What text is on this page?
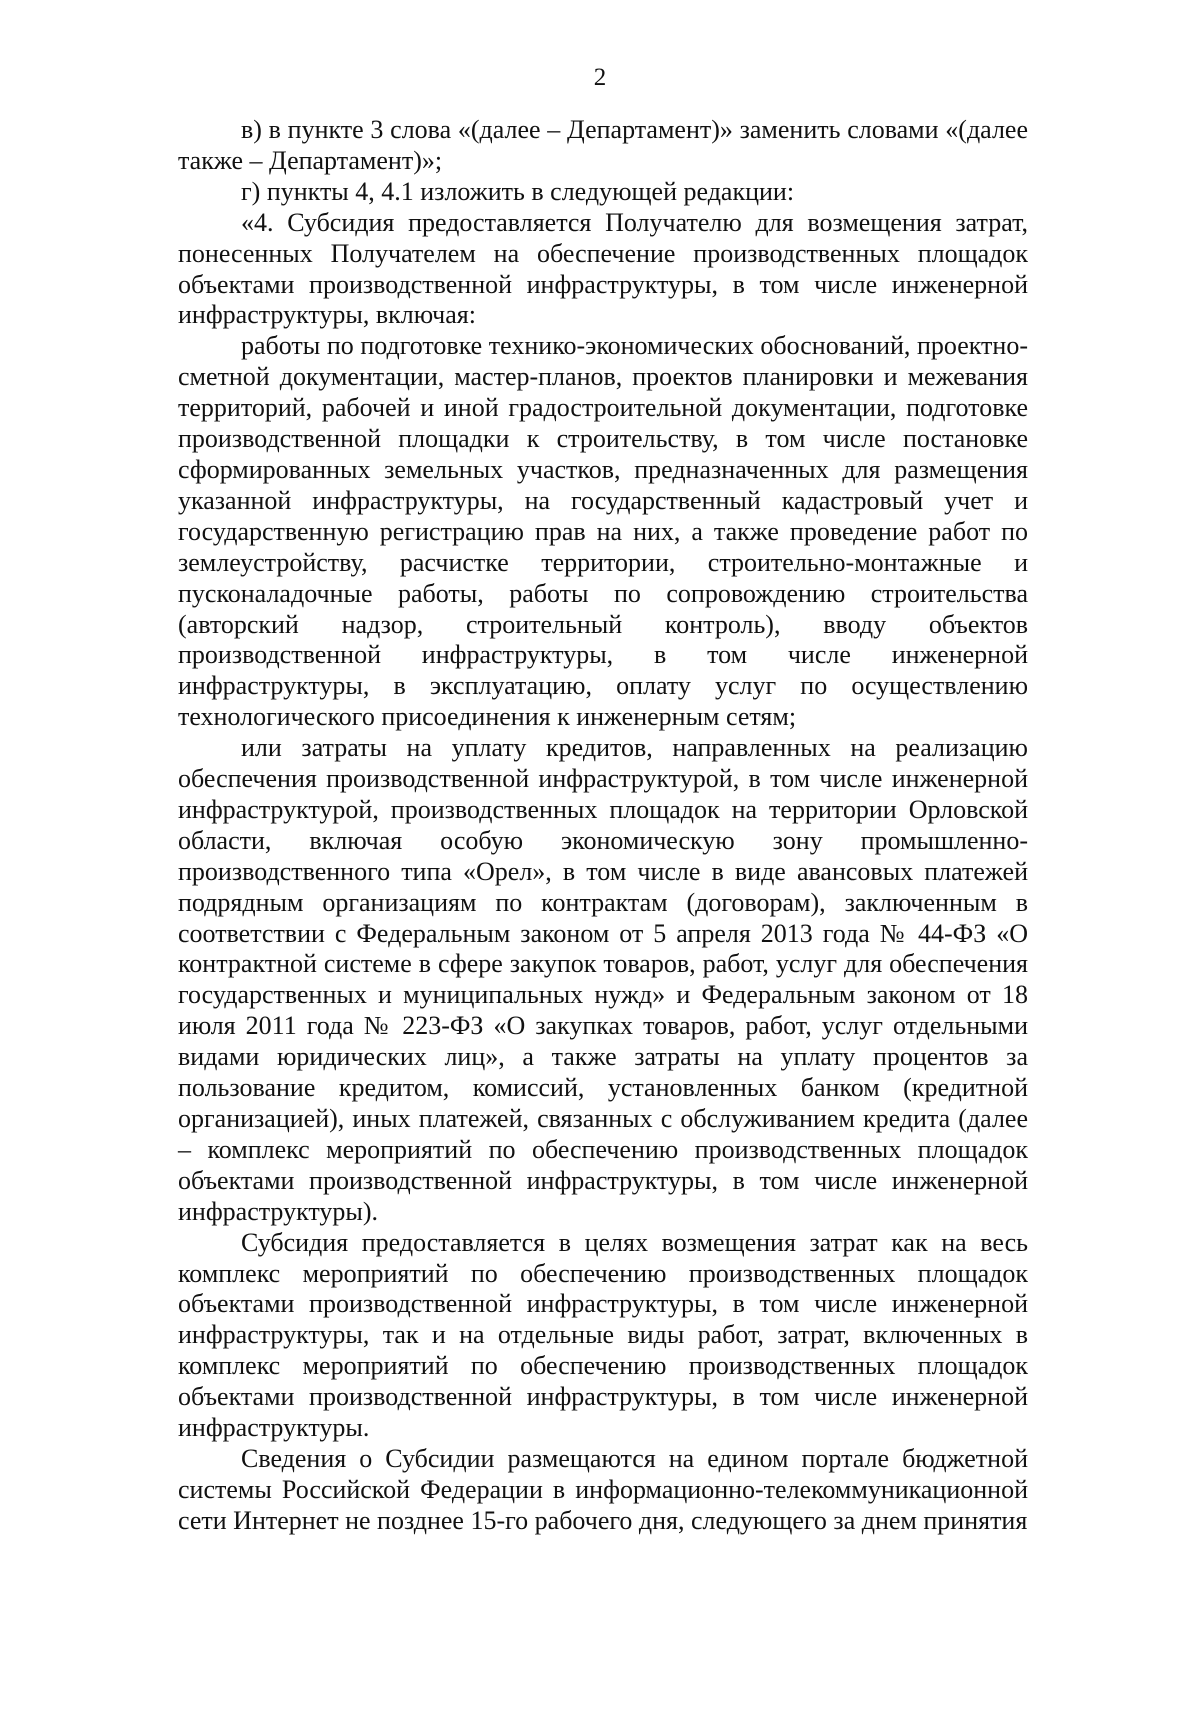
2

в) в пункте 3 слова «(далее – Департамент)» заменить словами «(далее также – Департамент)»;

г) пункты 4, 4.1 изложить в следующей редакции:

«4. Субсидия предоставляется Получателю для возмещения затрат, понесенных Получателем на обеспечение производственных площадок объектами производственной инфраструктуры, в том числе инженерной инфраструктуры, включая:

работы по подготовке технико-экономических обоснований, проектно-сметной документации, мастер-планов, проектов планировки и межевания территорий, рабочей и иной градостроительной документации, подготовке производственной площадки к строительству, в том числе постановке сформированных земельных участков, предназначенных для размещения указанной инфраструктуры, на государственный кадастровый учет и государственную регистрацию прав на них, а также проведение работ по землеустройству, расчистке территории, строительно-монтажные и пусконаладочные работы, работы по сопровождению строительства (авторский надзор, строительный контроль), вводу объектов производственной инфраструктуры, в том числе инженерной инфраструктуры, в эксплуатацию, оплату услуг по осуществлению технологического присоединения к инженерным сетям;

или затраты на уплату кредитов, направленных на реализацию обеспечения производственной инфраструктурой, в том числе инженерной инфраструктурой, производственных площадок на территории Орловской области, включая особую экономическую зону промышленно-производственного типа «Орел», в том числе в виде авансовых платежей подрядным организациям по контрактам (договорам), заключенным в соответствии с Федеральным законом от 5 апреля 2013 года № 44-ФЗ «О контрактной системе в сфере закупок товаров, работ, услуг для обеспечения государственных и муниципальных нужд» и Федеральным законом от 18 июля 2011 года № 223-ФЗ «О закупках товаров, работ, услуг отдельными видами юридических лиц», а также затраты на уплату процентов за пользование кредитом, комиссий, установленных банком (кредитной организацией), иных платежей, связанных с обслуживанием кредита (далее – комплекс мероприятий по обеспечению производственных площадок объектами производственной инфраструктуры, в том числе инженерной инфраструктуры).

Субсидия предоставляется в целях возмещения затрат как на весь комплекс мероприятий по обеспечению производственных площадок объектами производственной инфраструктуры, в том числе инженерной инфраструктуры, так и на отдельные виды работ, затрат, включенных в комплекс мероприятий по обеспечению производственных площадок объектами производственной инфраструктуры, в том числе инженерной инфраструктуры.

Сведения о Субсидии размещаются на едином портале бюджетной системы Российской Федерации в информационно-телекоммуникационной сети Интернет не позднее 15-го рабочего дня, следующего за днем принятия
